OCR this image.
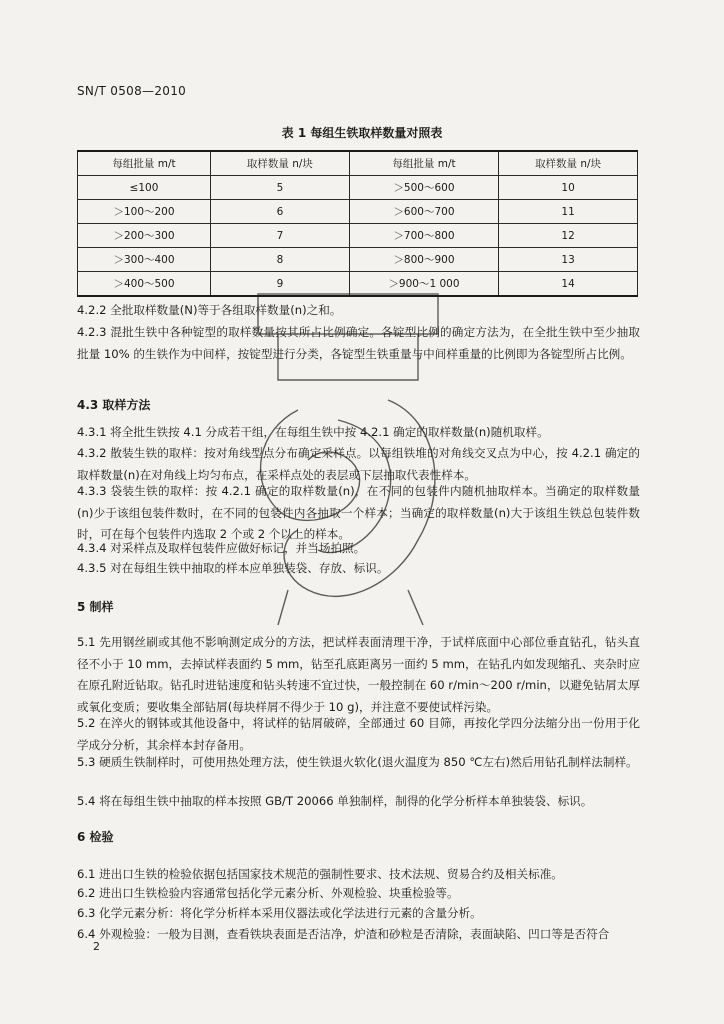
SN/T 0508—2010
表 1 每组生铁取样数量对照表
每组批量 m/t	取样数量 n/块	每组批量 m/t	取样数量 n/块
≤100	5	＞500～600	10
＞100～200	6	＞600～700	11
＞200～300	7	＞700～800	12
＞300～400	8	＞800～900	13
＞400～500	9	＞900～1 000	14
4.2.2 全批取样数量(N)等于各组取样数量(n)之和。
4.2.3 混批生铁中各种锭型的取样数量按其所占比例确定。各锭型比例的确定方法为，在全批生铁中至少抽取批量 10% 的生铁作为中间样，按锭型进行分类，各锭型生铁重量与中间样重量的比例即为各锭型所占比例。
4.3 取样方法
4.3.1 将全批生铁按 4.1 分成若干组，在每组生铁中按 4.2.1 确定的取样数量(n)随机取样。
4.3.2 散装生铁的取样：按对角线型点分布确定采样点。以每组铁堆的对角线交叉点为中心，按 4.2.1 确定的取样数量(n)在对角线上均匀布点，在采样点处的表层或下层抽取代表性样本。
4.3.3 袋装生铁的取样：按 4.2.1 确定的取样数量(n)，在不同的包装件内随机抽取样本。当确定的取样数量(n)少于该组包装件数时，在不同的包装件内各抽取一个样本；当确定的取样数量(n)大于该组生铁总包装件数时，可在每个包装件内选取 2 个或 2 个以上的样本。
4.3.4 对采样点及取样包装件应做好标记，并当场拍照。
4.3.5 对在每组生铁中抽取的样本应单独装袋、存放、标识。
5 制样
5.1 先用钢丝刷或其他不影响测定成分的方法，把试样表面清理干净，于试样底面中心部位垂直钻孔，钻头直径不小于 10 mm，去掉试样表面约 5 mm，钻至孔底距离另一面约 5 mm，在钻孔内如发现缩孔、夹杂时应在原孔附近钻取。钻孔时进钻速度和钻头转速不宜过快，一般控制在 60 r/min～200 r/min，以避免钻屑太厚或氧化变质；要收集全部钻屑(每块样屑不得少于 10 g)，并注意不要使试样污染。
5.2 在淬火的钢钵或其他设备中，将试样的钻屑破碎，全部通过 60 目筛，再按化学四分法缩分出一份用于化学成分分析，其余样本封存备用。
5.3 硬质生铁制样时，可使用热处理方法，使生铁退火软化(退火温度为 850 ℃左右)然后用钻孔制样法制样。
5.4 将在每组生铁中抽取的样本按照 GB/T 20066 单独制样，制得的化学分析样本单独装袋、标识。
6 检验
6.1 进出口生铁的检验依据包括国家技术规范的强制性要求、技术法规、贸易合约及相关标准。
6.2 进出口生铁检验内容通常包括化学元素分析、外观检验、块重检验等。
6.3 化学元素分析：将化学分析样本采用仪器法或化学法进行元素的含量分析。
6.4 外观检验：一般为目测，查看铁块表面是否洁净，炉渣和砂粒是否清除，表面缺陷、凹口等是否符合
2
